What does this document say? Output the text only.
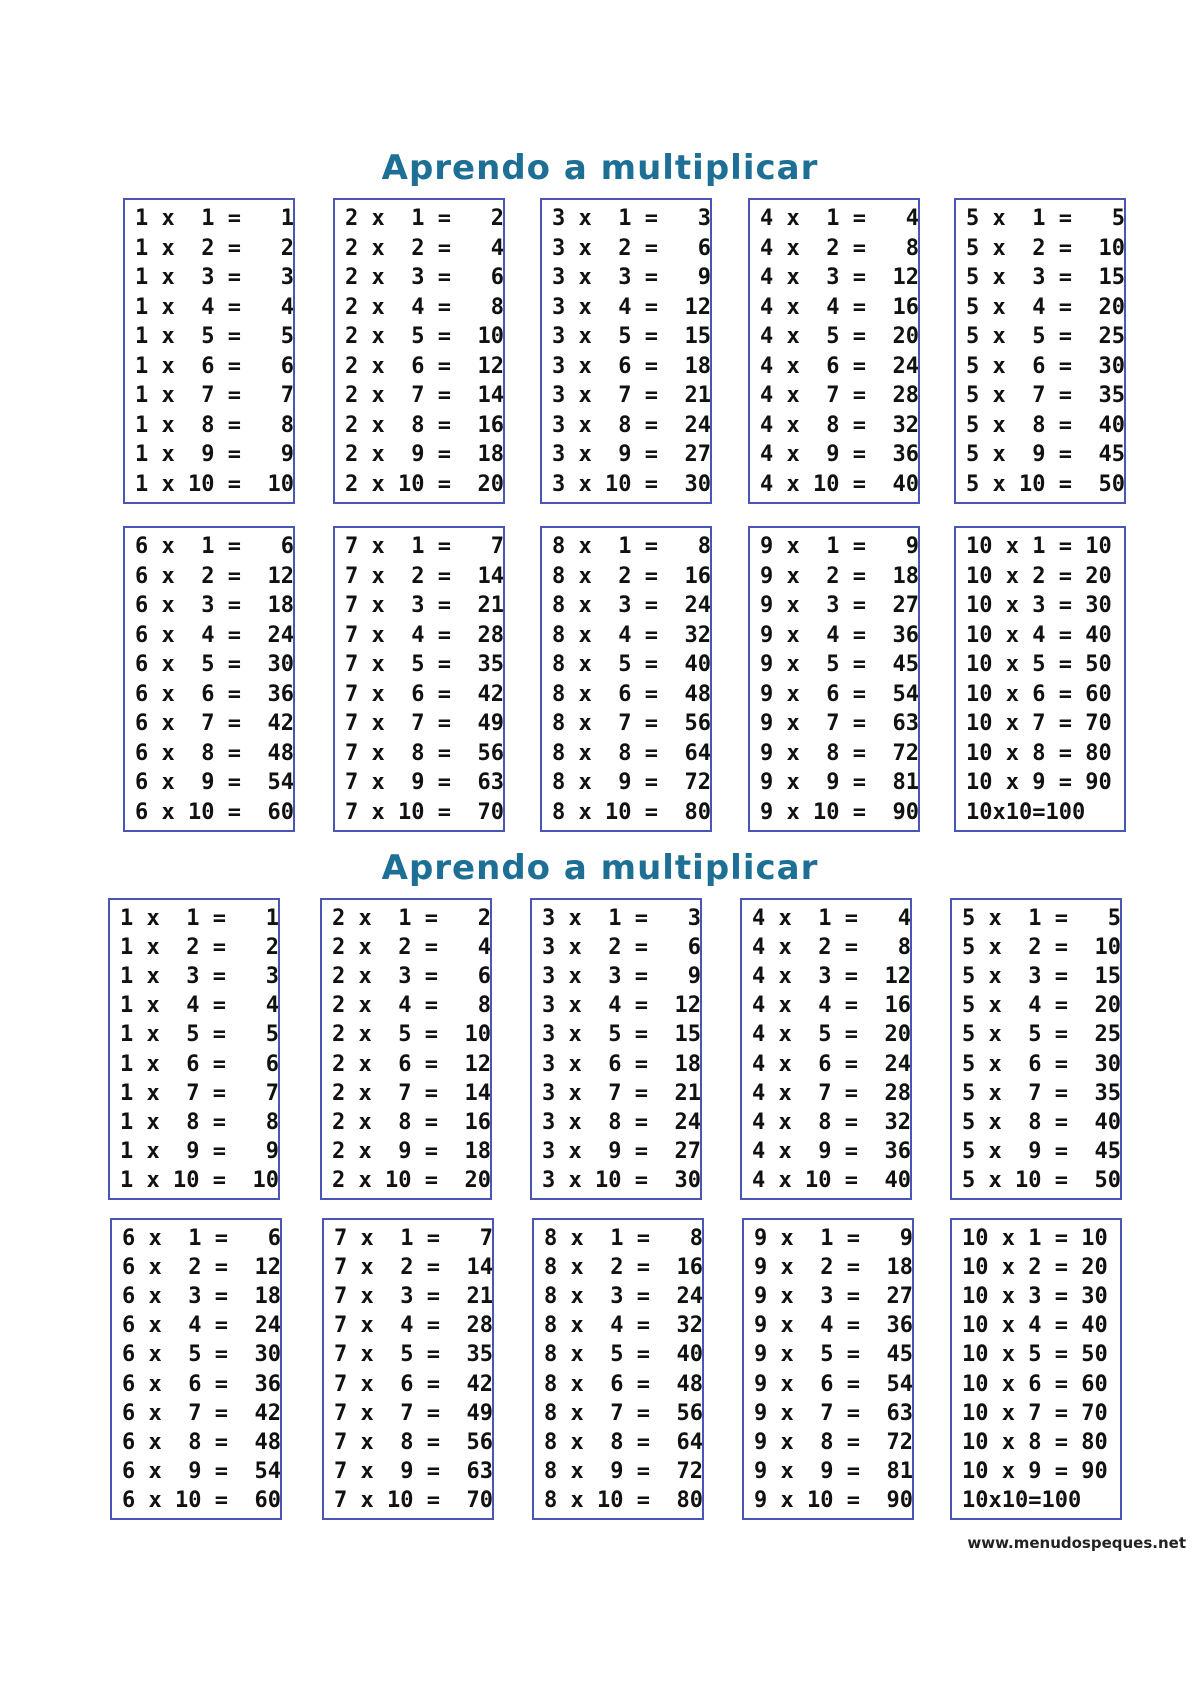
Aprendo a multiplicar
1 x  1 =   1
1 x  2 =   2
1 x  3 =   3
1 x  4 =   4
1 x  5 =   5
1 x  6 =   6
1 x  7 =   7
1 x  8 =   8
1 x  9 =   9
1 x 10 =  10
2 x  1 =   2
2 x  2 =   4
2 x  3 =   6
2 x  4 =   8
2 x  5 =  10
2 x  6 =  12
2 x  7 =  14
2 x  8 =  16
2 x  9 =  18
2 x 10 =  20
3 x  1 =   3
3 x  2 =   6
3 x  3 =   9
3 x  4 =  12
3 x  5 =  15
3 x  6 =  18
3 x  7 =  21
3 x  8 =  24
3 x  9 =  27
3 x 10 =  30
4 x  1 =   4
4 x  2 =   8
4 x  3 =  12
4 x  4 =  16
4 x  5 =  20
4 x  6 =  24
4 x  7 =  28
4 x  8 =  32
4 x  9 =  36
4 x 10 =  40
5 x  1 =   5
5 x  2 =  10
5 x  3 =  15
5 x  4 =  20
5 x  5 =  25
5 x  6 =  30
5 x  7 =  35
5 x  8 =  40
5 x  9 =  45
5 x 10 =  50
6 x  1 =   6
6 x  2 =  12
6 x  3 =  18
6 x  4 =  24
6 x  5 =  30
6 x  6 =  36
6 x  7 =  42
6 x  8 =  48
6 x  9 =  54
6 x 10 =  60
7 x  1 =   7
7 x  2 =  14
7 x  3 =  21
7 x  4 =  28
7 x  5 =  35
7 x  6 =  42
7 x  7 =  49
7 x  8 =  56
7 x  9 =  63
7 x 10 =  70
8 x  1 =   8
8 x  2 =  16
8 x  3 =  24
8 x  4 =  32
8 x  5 =  40
8 x  6 =  48
8 x  7 =  56
8 x  8 =  64
8 x  9 =  72
8 x 10 =  80
9 x  1 =   9
9 x  2 =  18
9 x  3 =  27
9 x  4 =  36
9 x  5 =  45
9 x  6 =  54
9 x  7 =  63
9 x  8 =  72
9 x  9 =  81
9 x 10 =  90
10 x 1 = 10
10 x 2 = 20
10 x 3 = 30
10 x 4 = 40
10 x 5 = 50
10 x 6 = 60
10 x 7 = 70
10 x 8 = 80
10 x 9 = 90
10x10=100
Aprendo a multiplicar
1 x  1 =   1
1 x  2 =   2
1 x  3 =   3
1 x  4 =   4
1 x  5 =   5
1 x  6 =   6
1 x  7 =   7
1 x  8 =   8
1 x  9 =   9
1 x 10 =  10
2 x  1 =   2
2 x  2 =   4
2 x  3 =   6
2 x  4 =   8
2 x  5 =  10
2 x  6 =  12
2 x  7 =  14
2 x  8 =  16
2 x  9 =  18
2 x 10 =  20
3 x  1 =   3
3 x  2 =   6
3 x  3 =   9
3 x  4 =  12
3 x  5 =  15
3 x  6 =  18
3 x  7 =  21
3 x  8 =  24
3 x  9 =  27
3 x 10 =  30
4 x  1 =   4
4 x  2 =   8
4 x  3 =  12
4 x  4 =  16
4 x  5 =  20
4 x  6 =  24
4 x  7 =  28
4 x  8 =  32
4 x  9 =  36
4 x 10 =  40
5 x  1 =   5
5 x  2 =  10
5 x  3 =  15
5 x  4 =  20
5 x  5 =  25
5 x  6 =  30
5 x  7 =  35
5 x  8 =  40
5 x  9 =  45
5 x 10 =  50
6 x  1 =   6
6 x  2 =  12
6 x  3 =  18
6 x  4 =  24
6 x  5 =  30
6 x  6 =  36
6 x  7 =  42
6 x  8 =  48
6 x  9 =  54
6 x 10 =  60
7 x  1 =   7
7 x  2 =  14
7 x  3 =  21
7 x  4 =  28
7 x  5 =  35
7 x  6 =  42
7 x  7 =  49
7 x  8 =  56
7 x  9 =  63
7 x 10 =  70
8 x  1 =   8
8 x  2 =  16
8 x  3 =  24
8 x  4 =  32
8 x  5 =  40
8 x  6 =  48
8 x  7 =  56
8 x  8 =  64
8 x  9 =  72
8 x 10 =  80
9 x  1 =   9
9 x  2 =  18
9 x  3 =  27
9 x  4 =  36
9 x  5 =  45
9 x  6 =  54
9 x  7 =  63
9 x  8 =  72
9 x  9 =  81
9 x 10 =  90
10 x 1 = 10
10 x 2 = 20
10 x 3 = 30
10 x 4 = 40
10 x 5 = 50
10 x 6 = 60
10 x 7 = 70
10 x 8 = 80
10 x 9 = 90
10x10=100
www.menudospeques.net
